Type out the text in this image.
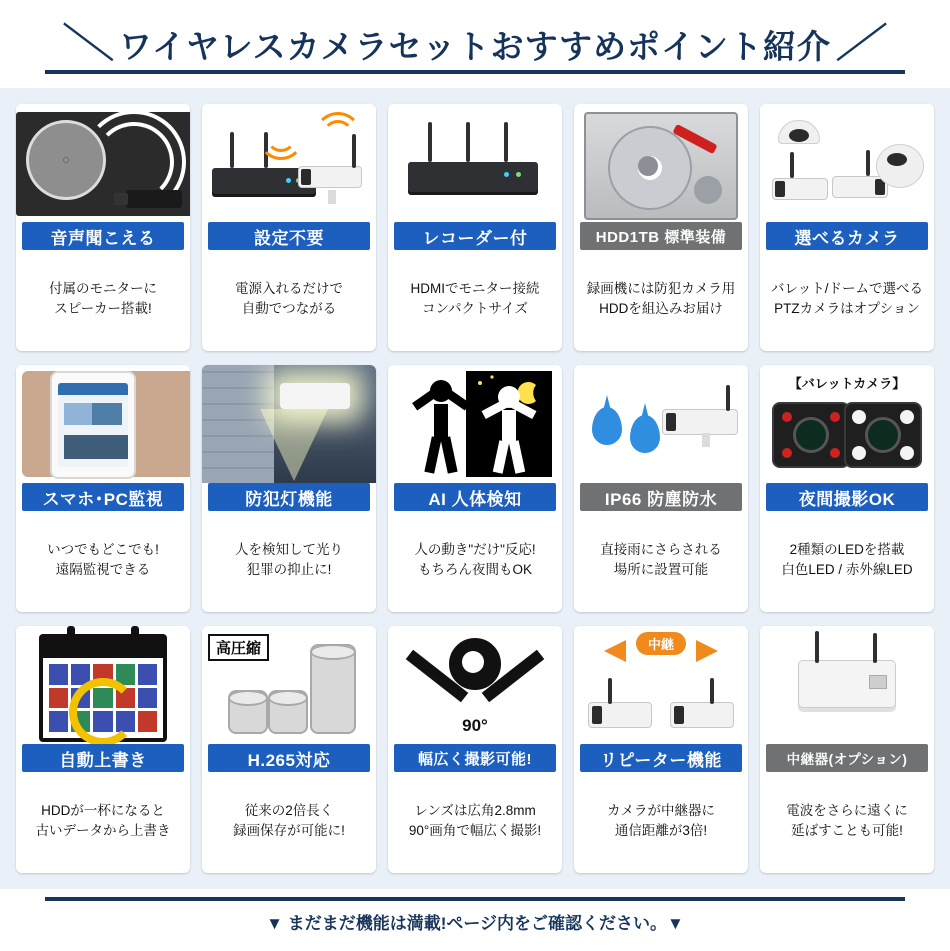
＼ ワイヤレスカメラセットおすすめポイント紹介 ／
音声聞こえる
付属のモニターに
スピーカー搭載!
設定不要
電源入れるだけで
自動でつながる
レコーダー付
HDMIでモニター接続
コンパクトサイズ
HDD1TB 標準装備
録画機には防犯カメラ用
HDDを組込みお届け
選べるカメラ
バレット/ドームで選べる
PTZカメラはオプション
スマホ･PC監視
いつでもどこでも!
遠隔監視できる
防犯灯機能
人を検知して光り
犯罪の抑止に!
AI 人体検知
人の動き"だけ"反応!
もちろん夜間もOK
IP66 防塵防水
直接雨にさらされる
場所に設置可能
【バレットカメラ】
夜間撮影OK
2種類のLEDを搭載
白色LED / 赤外線LED
自動上書き
HDDが一杯になると
古いデータから上書き
高圧縮
H.265対応
従来の2倍長く
録画保存が可能に!
90°
幅広く撮影可能!
レンズは広角2.8mm
90°画角で幅広く撮影!
中継
リピーター機能
カメラが中継器に
通信距離が3倍!
中継器(オプション)
電波をさらに遠くに
延ばすことも可能!
▼ まだまだ機能は満載!ページ内をご確認ください。▼
